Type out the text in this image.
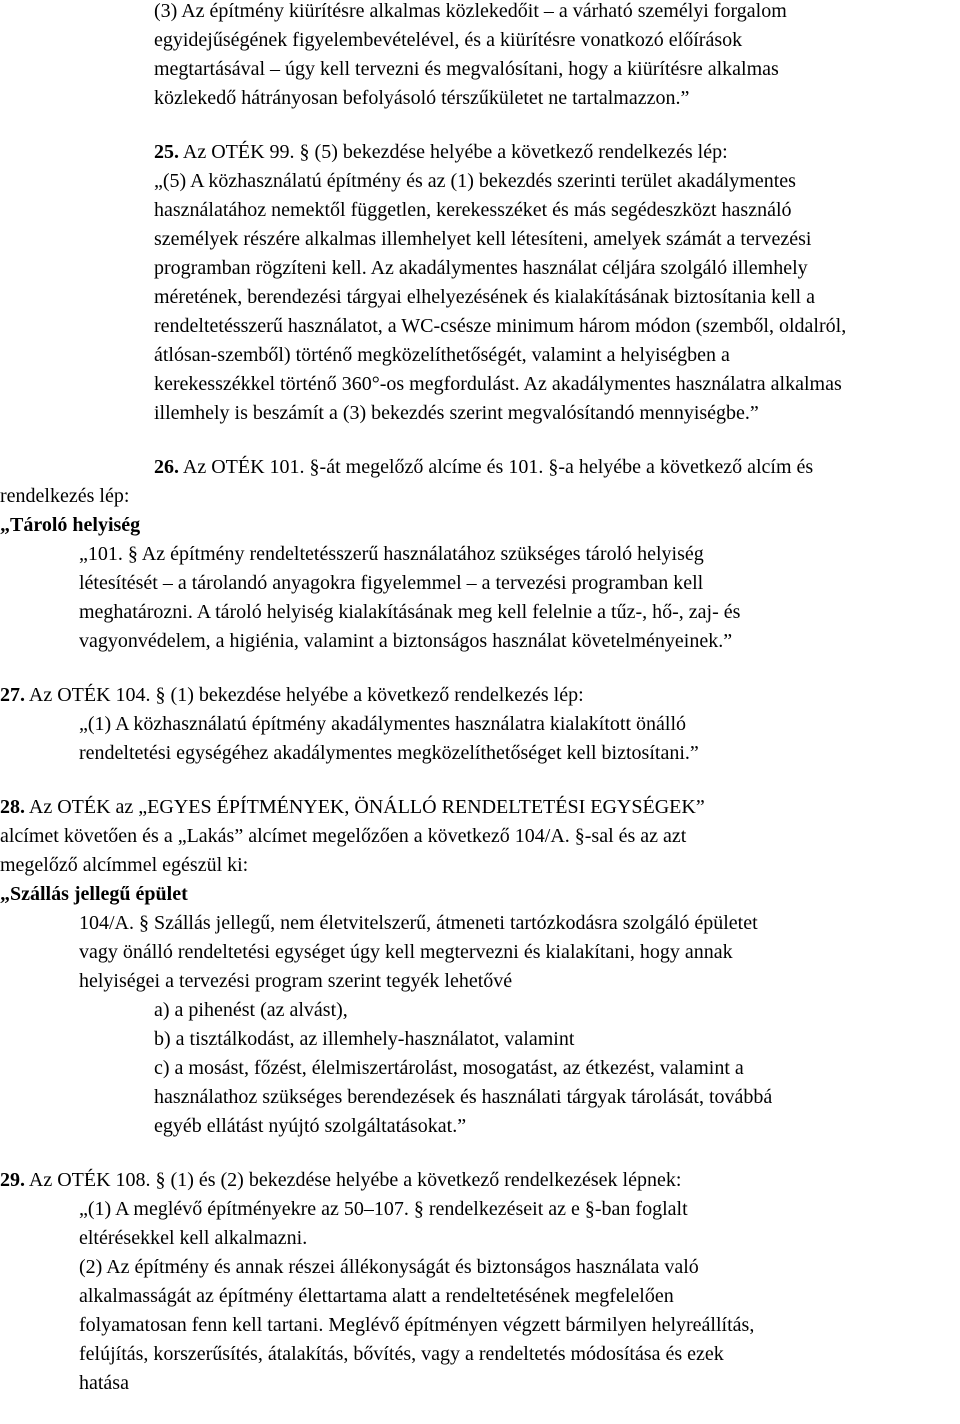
(3) Az építmény kiürítésre alkalmas közlekedőit – a várható személyi forgalom
egyidejűségének figyelembevételével, és a kiürítésre vonatkozó előírások
megtartásával – úgy kell tervezni és megvalósítani, hogy a kiürítésre alkalmas
közlekedő hátrányosan befolyásoló térszűkületet ne tartalmazzon.”
25. Az OTÉK 99. § (5) bekezdése helyébe a következő rendelkezés lép:
„(5) A közhasználatú építmény és az (1) bekezdés szerinti terület akadálymentes
használatához nemektől független, kerekesszéket és más segédeszközt használó
személyek részére alkalmas illemhelyet kell létesíteni, amelyek számát a tervezési
programban rögzíteni kell. Az akadálymentes használat céljára szolgáló illemhely
méretének, berendezési tárgyai elhelyezésének és kialakításának biztosítania kell a
rendeltetésszerű használatot, a WC-csésze minimum három módon (szemből, oldalról,
átlósan-szemből) történő megközelíthetőségét, valamint a helyiségben a
kerekesszékkel történő 360°-os megfordulást. Az akadálymentes használatra alkalmas
illemhely is beszámít a (3) bekezdés szerint megvalósítandó mennyiségbe.”
26. Az OTÉK 101. §-át megelőző alcíme és 101. §-a helyébe a következő alcím és
rendelkezés lép:
„Tároló helyiség
„101. § Az építmény rendeltetésszerű használatához szükséges tároló helyiség
létesítését – a tárolandó anyagokra figyelemmel – a tervezési programban kell
meghatározni. A tároló helyiség kialakításának meg kell felelnie a tűz-, hő-, zaj- és
vagyonvédelem, a higiénia, valamint a biztonságos használat követelményeinek.”
27. Az OTÉK 104. § (1) bekezdése helyébe a következő rendelkezés lép:
„(1) A közhasználatú építmény akadálymentes használatra kialakított önálló
rendeltetési egységéhez akadálymentes megközelíthetőséget kell biztosítani.”
28. Az OTÉK az „EGYES ÉPÍTMÉNYEK, ÖNÁLLÓ RENDELTETÉSI EGYSÉGEK”
alcímet követően és a „Lakás” alcímet megelőzően a következő 104/A. §-sal és az azt
megelőző alcímmel egészül ki:
„Szállás jellegű épület
104/A. § Szállás jellegű, nem életvitelszerű, átmeneti tartózkodásra szolgáló épületet
vagy önálló rendeltetési egységet úgy kell megtervezni és kialakítani, hogy annak
helyiségei a tervezési program szerint tegyék lehetővé
a) a pihenést (az alvást),
b) a tisztálkodást, az illemhely-használatot, valamint
c) a mosást, főzést, élelmiszertárolást, mosogatást, az étkezést, valamint a
használathoz szükséges berendezések és használati tárgyak tárolását, továbbá
egyéb ellátást nyújtó szolgáltatásokat.”
29. Az OTÉK 108. § (1) és (2) bekezdése helyébe a következő rendelkezések lépnek:
„(1) A meglévő építményekre az 50–107. § rendelkezéseit az e §-ban foglalt
eltérésekkel kell alkalmazni.
(2) Az építmény és annak részei állékonyságát és biztonságos használata való
alkalmasságát az építmény élettartama alatt a rendeltetésének megfelelően
folyamatosan fenn kell tartani. Meglévő építményen végzett bármilyen helyreállítás,
felújítás, korszerűsítés, átalakítás, bővítés, vagy a rendeltetés módosítása és ezek
hatása
